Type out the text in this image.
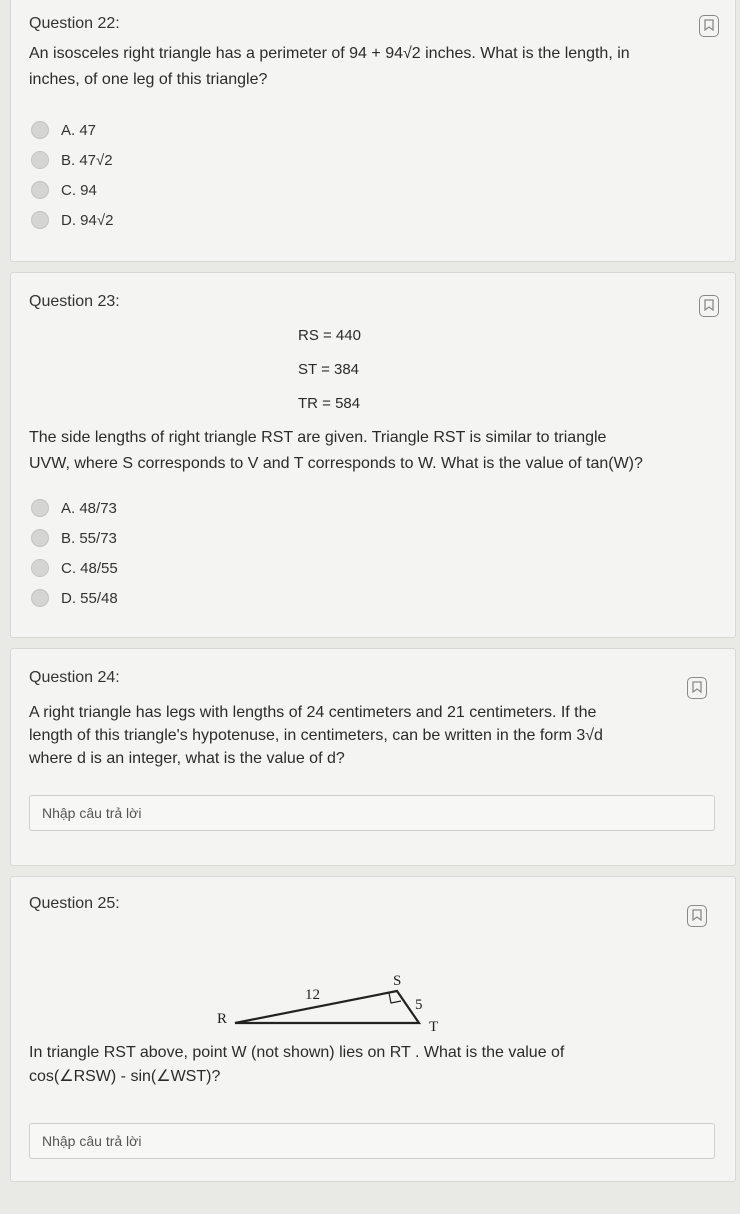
Question 22:
An isosceles right triangle has a perimeter of 94 + 94√2 inches. What is the length, in
inches, of one leg of this triangle?
A. 47
B. 47√2
C. 94
D. 94√2
Question 23:
RS = 440
ST = 384
TR = 584
The side lengths of right triangle RST are given. Triangle RST is similar to triangle
UVW, where S corresponds to V and T corresponds to W. What is the value of tan(W)?
A. 48/73
B. 55/73
C. 48/55
D. 55/48
Question 24:
A right triangle has legs with lengths of 24 centimeters and 21 centimeters. If the
length of this triangle's hypotenuse, in centimeters, can be written in the form 3√d
where d is an integer, what is the value of d?
Nhập câu trả lời
Question 25:
S
R	T
12
5
In triangle RST above, point W (not shown) lies on RT . What is the value of
cos(∠RSW) - sin(∠WST)?
Nhập câu trả lời
